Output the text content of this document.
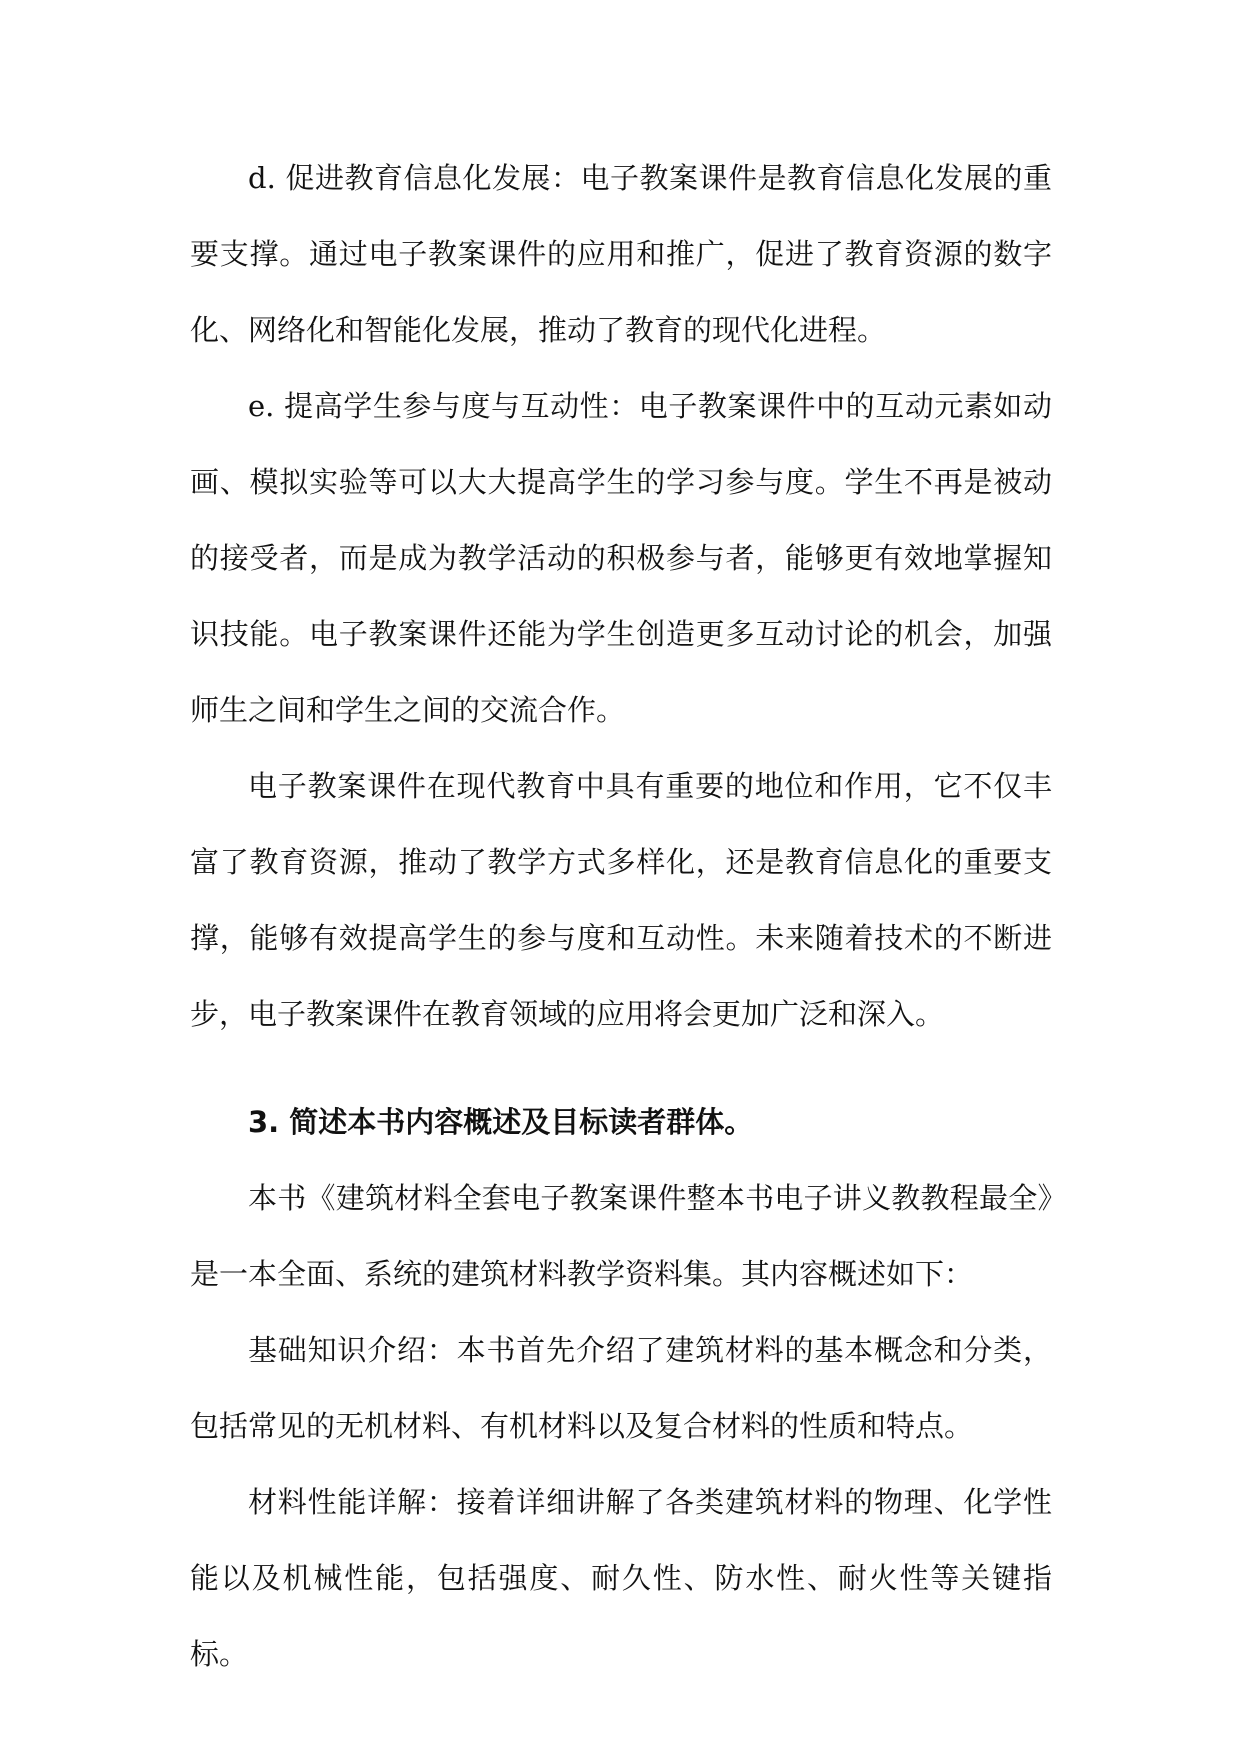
d. 促进教育信息化发展：电子教案课件是教育信息化发展的重要支撑。通过电子教案课件的应用和推广，促进了教育资源的数字化、网络化和智能化发展，推动了教育的现代化进程。

e. 提高学生参与度与互动性：电子教案课件中的互动元素如动画、模拟实验等可以大大提高学生的学习参与度。学生不再是被动的接受者，而是成为教学活动的积极参与者，能够更有效地掌握知识技能。电子教案课件还能为学生创造更多互动讨论的机会，加强师生之间和学生之间的交流合作。

电子教案课件在现代教育中具有重要的地位和作用，它不仅丰富了教育资源，推动了教学方式多样化，还是教育信息化的重要支撑，能够有效提高学生的参与度和互动性。未来随着技术的不断进步，电子教案课件在教育领域的应用将会更加广泛和深入。

3. 简述本书内容概述及目标读者群体。

本书《建筑材料全套电子教案课件整本书电子讲义教教程最全》是一本全面、系统的建筑材料教学资料集。其内容概述如下：

基础知识介绍：本书首先介绍了建筑材料的基本概念和分类，包括常见的无机材料、有机材料以及复合材料的性质和特点。

材料性能详解：接着详细讲解了各类建筑材料的物理、化学性能以及机械性能，包括强度、耐久性、防水性、耐火性等关键指标。
